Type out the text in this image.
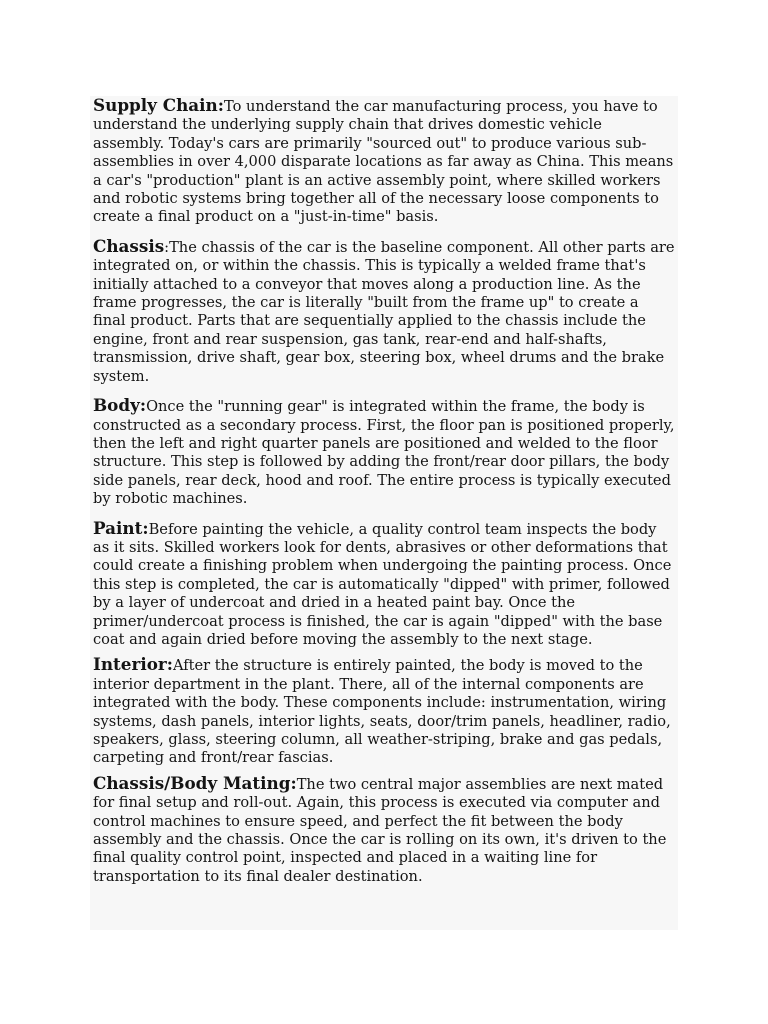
Supply Chain:To understand the car manufacturing process, you have to understand the underlying supply chain that drives domestic vehicle assembly. Today's cars are primarily "sourced out" to produce various sub-assemblies in over 4,000 disparate locations as far away as China. This means a car's "production" plant is an active assembly point, where skilled workers and robotic systems bring together all of the necessary loose components to create a final product on a "just-in-time" basis.

Chassis:The chassis of the car is the baseline component. All other parts are integrated on, or within the chassis. This is typically a welded frame that's initially attached to a conveyor that moves along a production line. As the frame progresses, the car is literally "built from the frame up" to create a final product. Parts that are sequentially applied to the chassis include the engine, front and rear suspension, gas tank, rear-end and half-shafts, transmission, drive shaft, gear box, steering box, wheel drums and the brake system.

Body:Once the "running gear" is integrated within the frame, the body is constructed as a secondary process. First, the floor pan is positioned properly, then the left and right quarter panels are positioned and welded to the floor structure. This step is followed by adding the front/rear door pillars, the body side panels, rear deck, hood and roof. The entire process is typically executed by robotic machines.

Paint:Before painting the vehicle, a quality control team inspects the body as it sits. Skilled workers look for dents, abrasives or other deformations that could create a finishing problem when undergoing the painting process. Once this step is completed, the car is automatically "dipped" with primer, followed by a layer of undercoat and dried in a heated paint bay. Once the primer/undercoat process is finished, the car is again "dipped" with the base coat and again dried before moving the assembly to the next stage.

Interior:After the structure is entirely painted, the body is moved to the interior department in the plant. There, all of the internal components are integrated with the body. These components include: instrumentation, wiring systems, dash panels, interior lights, seats, door/trim panels, headliner, radio, speakers, glass, steering column, all weather-striping, brake and gas pedals, carpeting and front/rear fascias.

Chassis/Body Mating:The two central major assemblies are next mated for final setup and roll-out. Again, this process is executed via computer and control machines to ensure speed, and perfect the fit between the body assembly and the chassis. Once the car is rolling on its own, it's driven to the final quality control point, inspected and placed in a waiting line for transportation to its final dealer destination.
